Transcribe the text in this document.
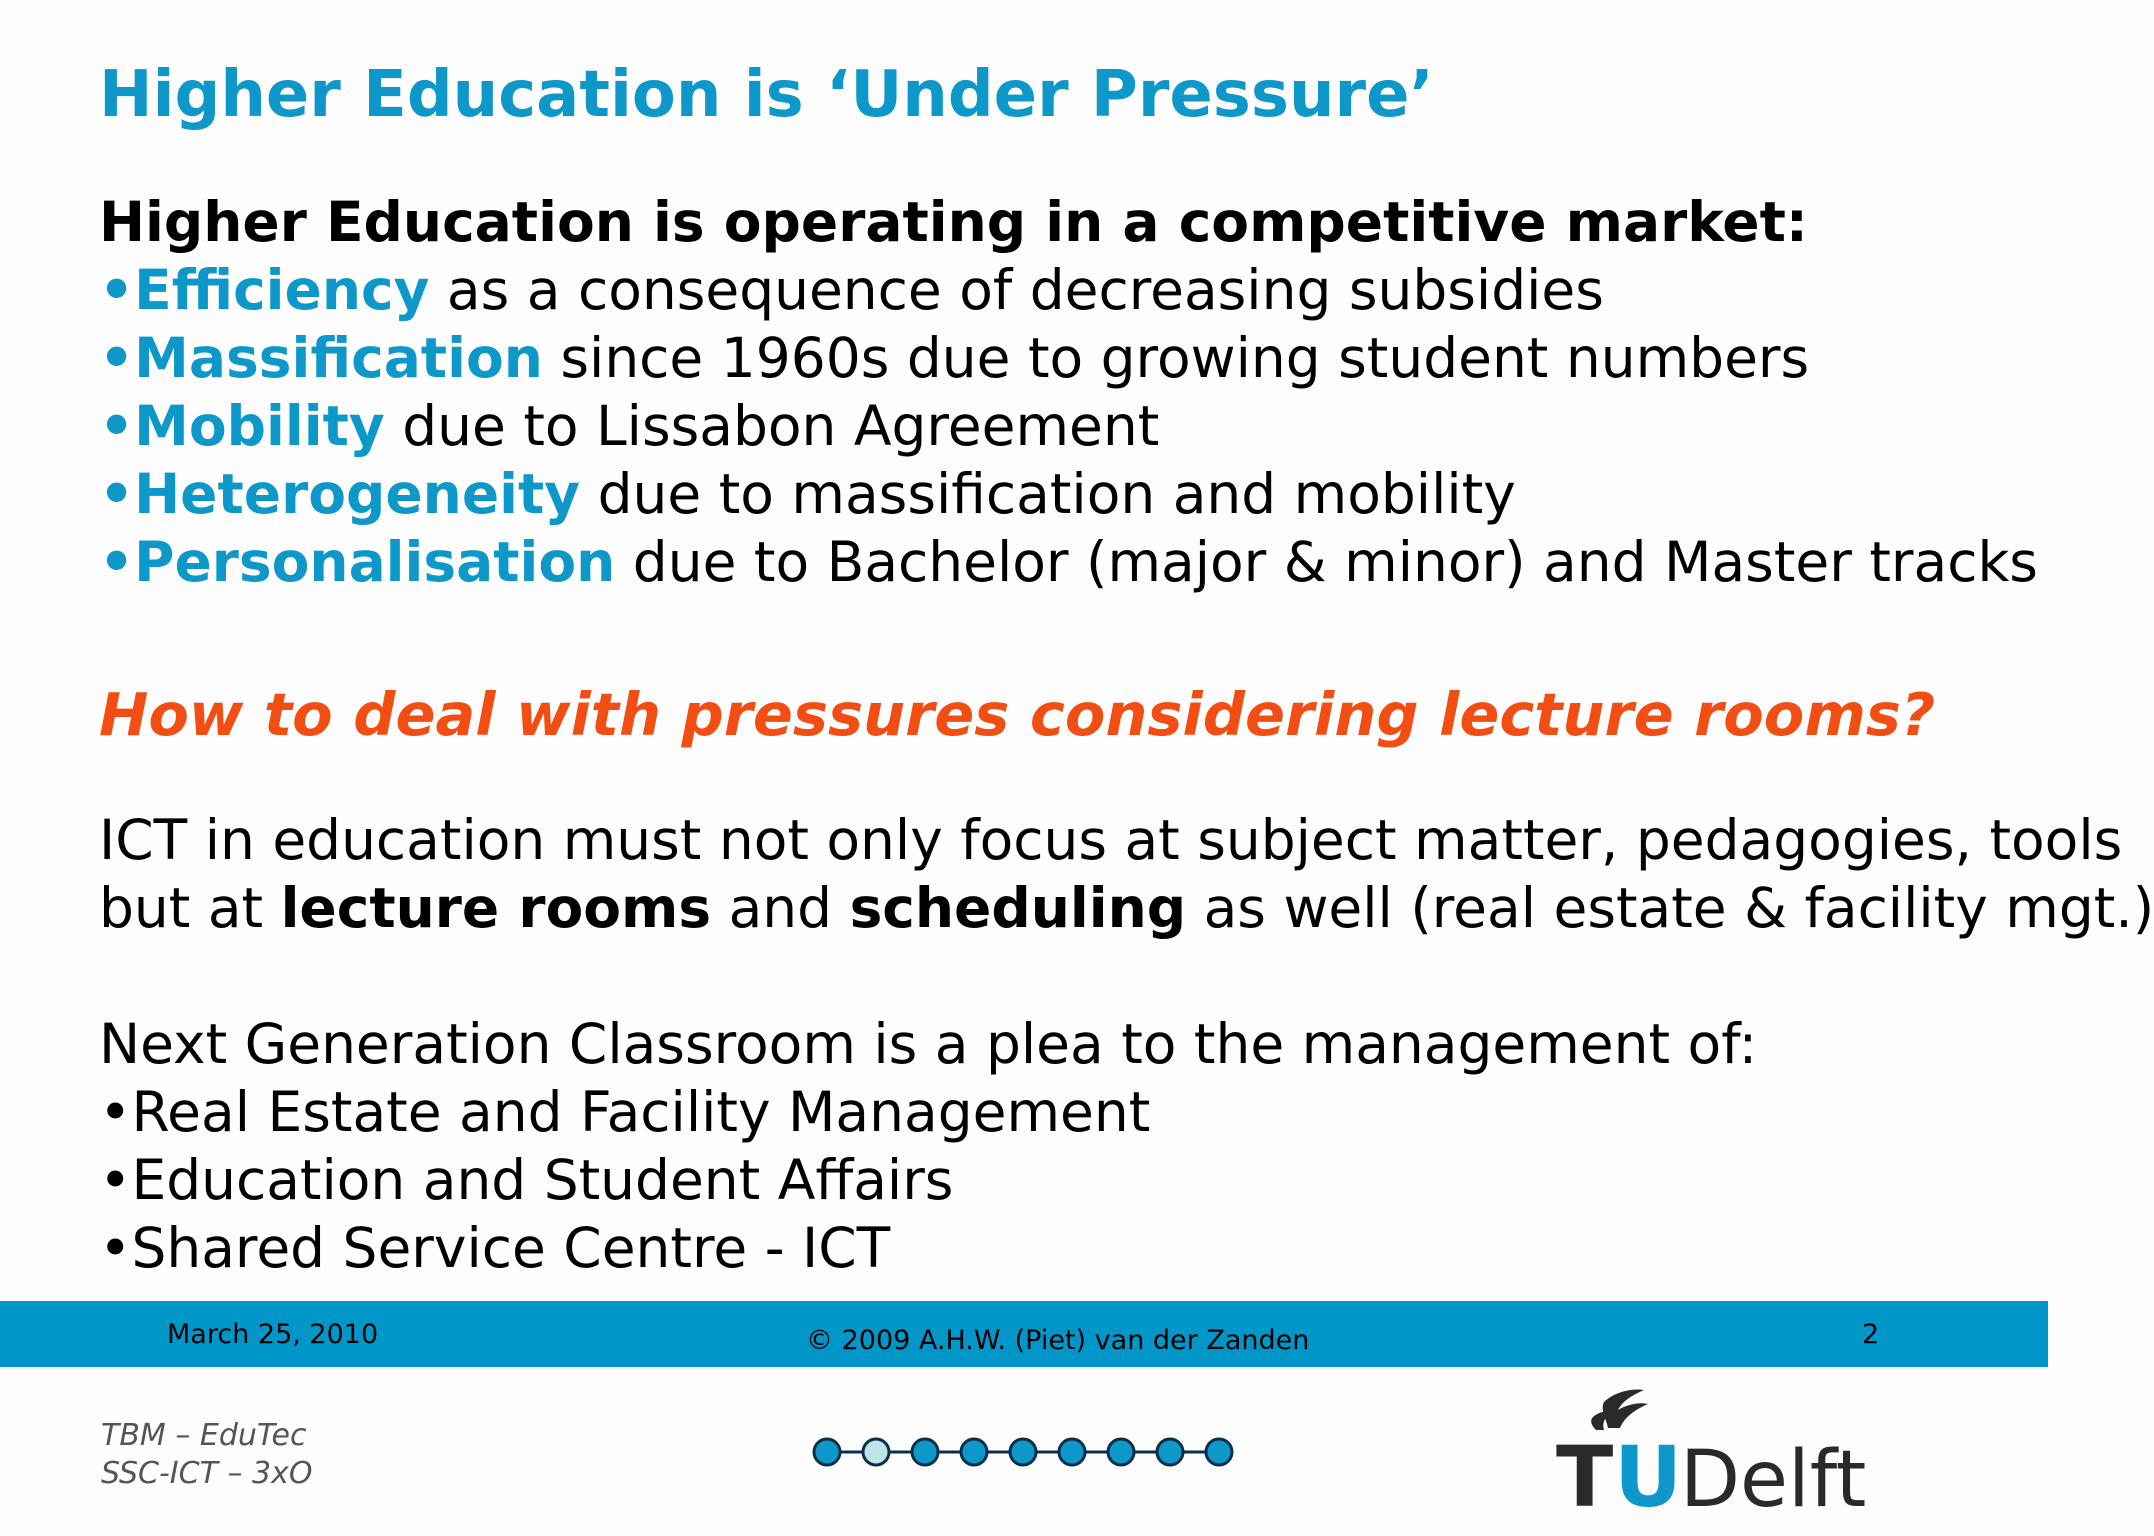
Higher Education is ‘Under Pressure’
Higher Education is operating in a competitive market:
•Efficiency as a consequence of decreasing subsidies
•Massification since 1960s due to growing student numbers
•Mobility due to Lissabon Agreement
•Heterogeneity due to massification and mobility
•Personalisation due to Bachelor (major & minor) and Master tracks
How to deal with pressures considering lecture rooms?
ICT in education must not only focus at subject matter, pedagogies, tools
but at lecture rooms and scheduling as well (real estate & facility mgt.)
Next Generation Classroom is a plea to the management of:
•Real Estate and Facility Management
•Education and Student Affairs
•Shared Service Centre - ICT
March 25, 2010	© 2009 A.H.W. (Piet) van der Zanden	2
TBM – EduTec
SSC-ICT – 3xO	T U
Delft
